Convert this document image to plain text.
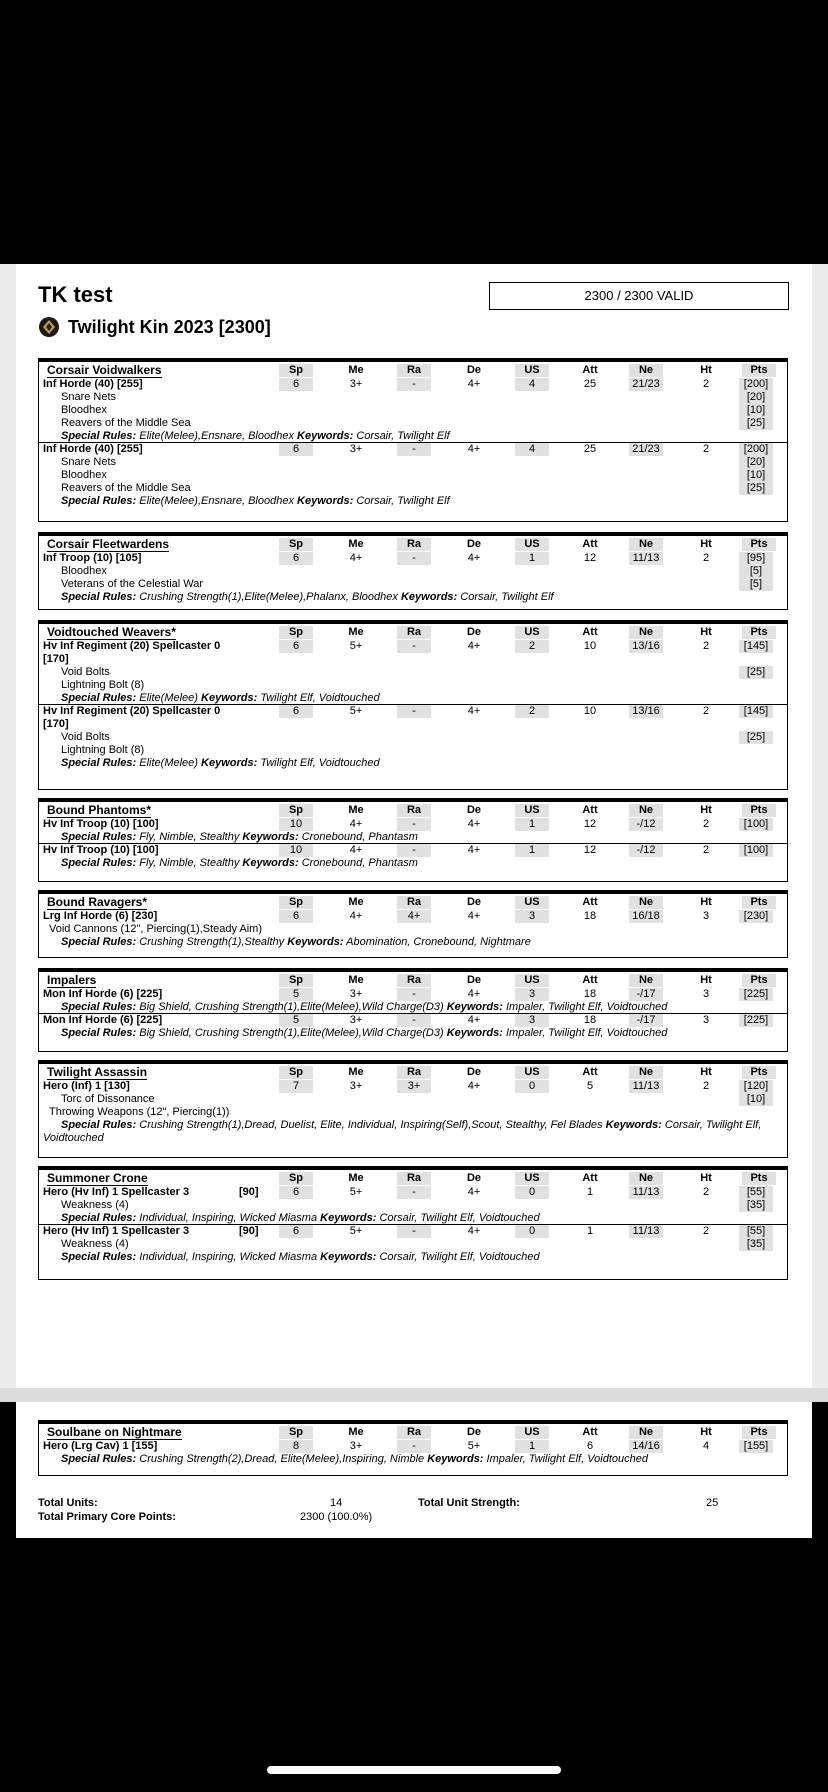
TK test	2300 / 2300 VALID
Twilight Kin 2023 [2300]
Corsair Voidwalkers	Sp	Me	Ra	De	US	Att	Ne	Ht	Pts
Inf Horde (40) [255]	6	3+	-	4+	4	25	21/23	2	[200]
Snare Nets	[20]
Bloodhex	[10]
Reavers of the Middle Sea	[25]
Special Rules: Elite(Melee),Ensnare, Bloodhex Keywords: Corsair, Twilight Elf
Inf Horde (40) [255]	6	3+	-	4+	4	25	21/23	2	[200]
Snare Nets	[20]
Bloodhex	[10]
Reavers of the Middle Sea	[25]
Special Rules: Elite(Melee),Ensnare, Bloodhex Keywords: Corsair, Twilight Elf
Corsair Fleetwardens	Sp	Me	Ra	De	US	Att	Ne	Ht	Pts
Inf Troop (10) [105]	6	4+	-	4+	1	12	11/13	2	[95]
Bloodhex	[5]
Veterans of the Celestial War	[5]
Special Rules: Crushing Strength(1),Elite(Melee),Phalanx, Bloodhex Keywords: Corsair, Twilight Elf
Voidtouched Weavers*	Sp	Me	Ra	De	US	Att	Ne	Ht	Pts
Hv Inf Regiment (20) Spellcaster 0	6	5+	-	4+	2	10	13/16	2	[145]
[170]
Void Bolts	[25]
Lightning Bolt (8)
Special Rules: Elite(Melee) Keywords: Twilight Elf, Voidtouched
Hv Inf Regiment (20) Spellcaster 0	6	5+	-	4+	2	10	13/16	2	[145]
[170]
Void Bolts	[25]
Lightning Bolt (8)
Special Rules: Elite(Melee) Keywords: Twilight Elf, Voidtouched
Bound Phantoms*	Sp	Me	Ra	De	US	Att	Ne	Ht	Pts
Hv Inf Troop (10) [100]	10	4+	-	4+	1	12	-/12	2	[100]
Special Rules: Fly, Nimble, Stealthy Keywords: Cronebound, Phantasm
Hv Inf Troop (10) [100]	10	4+	-	4+	1	12	-/12	2	[100]
Special Rules: Fly, Nimble, Stealthy Keywords: Cronebound, Phantasm
Bound Ravagers*	Sp	Me	Ra	De	US	Att	Ne	Ht	Pts
Lrg Inf Horde (6) [230]	6	4+	4+	4+	3	18	16/18	3	[230]
Void Cannons (12", Piercing(1),Steady Aim)
Special Rules: Crushing Strength(1),Stealthy Keywords: Abomination, Cronebound, Nightmare
Impalers	Sp	Me	Ra	De	US	Att	Ne	Ht	Pts
Mon Inf Horde (6) [225]	5	3+	-	4+	3	18	-/17	3	[225]
Special Rules: Big Shield, Crushing Strength(1),Elite(Melee),Wild Charge(D3) Keywords: Impaler, Twilight Elf, Voidtouched
Mon Inf Horde (6) [225]	5	3+	-	4+	3	18	-/17	3	[225]
Special Rules: Big Shield, Crushing Strength(1),Elite(Melee),Wild Charge(D3) Keywords: Impaler, Twilight Elf, Voidtouched
Twilight Assassin	Sp	Me	Ra	De	US	Att	Ne	Ht	Pts
Hero (Inf) 1 [130]	7	3+	3+	4+	0	5	11/13	2	[120]
Torc of Dissonance	[10]
Throwing Weapons (12", Piercing(1))
Special Rules: Crushing Strength(1),Dread, Duelist, Elite, Individual, Inspiring(Self),Scout, Stealthy, Fel Blades Keywords: Corsair, Twilight Elf,
Voidtouched
Summoner Crone	Sp	Me	Ra	De	US	Att	Ne	Ht	Pts
Hero (Hv Inf) 1 Spellcaster 3	[90]	6	5+	-	4+	0	1	11/13	2	[55]
Weakness (4)	[35]
Special Rules: Individual, Inspiring, Wicked Miasma Keywords: Corsair, Twilight Elf, Voidtouched
Hero (Hv Inf) 1 Spellcaster 3	[90]	6	5+	-	4+	0	1	11/13	2	[55]
Weakness (4)	[35]
Special Rules: Individual, Inspiring, Wicked Miasma Keywords: Corsair, Twilight Elf, Voidtouched
Soulbane on Nightmare	Sp	Me	Ra	De	US	Att	Ne	Ht	Pts
Hero (Lrg Cav) 1 [155]	8	3+	-	5+	1	6	14/16	4	[155]
Special Rules: Crushing Strength(2),Dread, Elite(Melee),Inspiring, Nimble Keywords: Impaler, Twilight Elf, Voidtouched
Total Units:	14	Total Unit Strength:	25
Total Primary Core Points:	2300 (100.0%)
